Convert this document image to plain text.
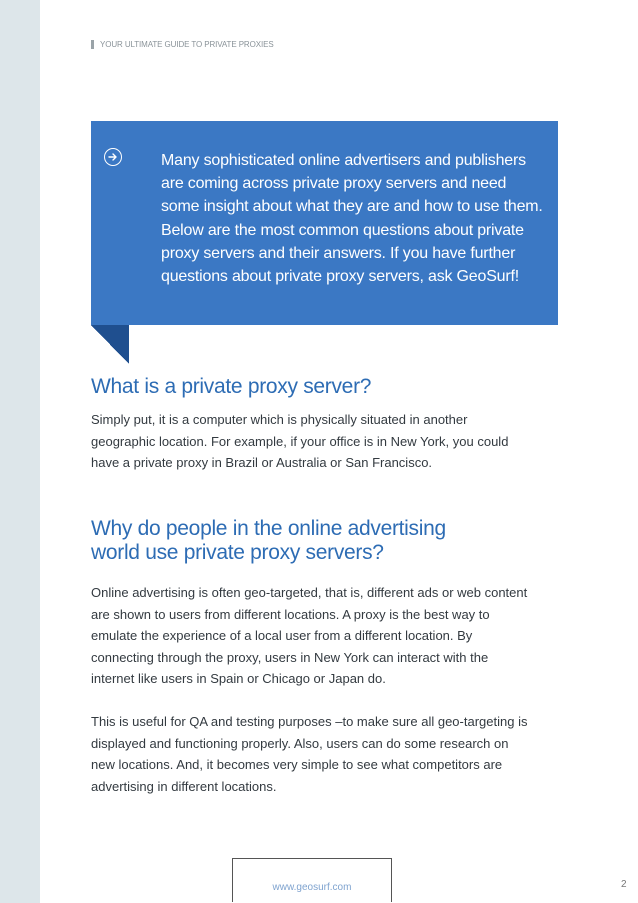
YOUR ULTIMATE GUIDE TO PRIVATE PROXIES
Many sophisticated online advertisers and publishers
are coming across private proxy servers and need
some insight about what they are and how to use them.
Below are the most common questions about private
proxy servers and their answers. If you have further
questions about private proxy servers, ask GeoSurf!
What is a private proxy server?

Simply put, it is a computer which is physically situated in another geographic location. For example, if your office is in New York, you could have a private proxy in Brazil or Australia or San Francisco.

Why do people in the online advertising
world use private proxy servers?

Online advertising is often geo-targeted, that is, different ads or web content are shown to users from different locations. A proxy is the best way to emulate the experience of a local user from a different location. By connecting through the proxy, users in New York can interact with the internet like users in Spain or Chicago or Japan do.

This is useful for QA and testing purposes –to make sure all geo-targeting is displayed and functioning properly. Also, users can do some research on new locations. And, it becomes very simple to see what competitors are advertising in different locations.

www.geosurf.com	2
